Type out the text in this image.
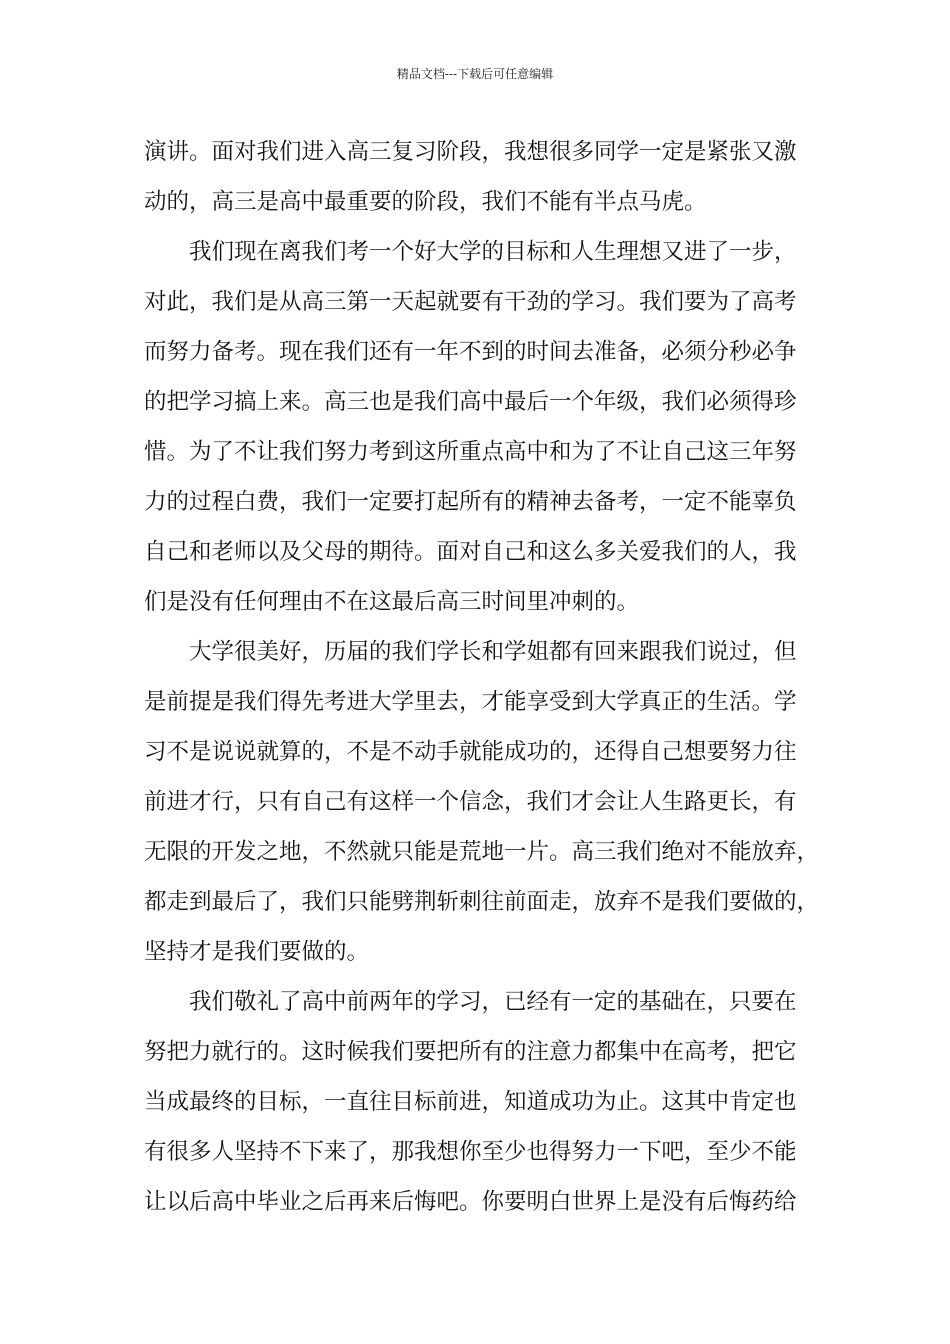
精品文档---下载后可任意编辑
演讲。面对我们进入高三复习阶段，我想很多同学一定是紧张又激
动的，高三是高中最重要的阶段，我们不能有半点马虎。
我们现在离我们考一个好大学的目标和人生理想又进了一步，
对此，我们是从高三第一天起就要有干劲的学习。我们要为了高考
而努力备考。现在我们还有一年不到的时间去准备，必须分秒必争
的把学习搞上来。高三也是我们高中最后一个年级，我们必须得珍
惜。为了不让我们努力考到这所重点高中和为了不让自己这三年努
力的过程白费，我们一定要打起所有的精神去备考，一定不能辜负
自己和老师以及父母的期待。面对自己和这么多关爱我们的人，我
们是没有任何理由不在这最后高三时间里冲刺的。
大学很美好，历届的我们学长和学姐都有回来跟我们说过，但
是前提是我们得先考进大学里去，才能享受到大学真正的生活。学
习不是说说就算的，不是不动手就能成功的，还得自己想要努力往
前进才行，只有自己有这样一个信念，我们才会让人生路更长，有
无限的开发之地，不然就只能是荒地一片。高三我们绝对不能放弃，
都走到最后了，我们只能劈荆斩刺往前面走，放弃不是我们要做的，
坚持才是我们要做的。
我们敬礼了高中前两年的学习，已经有一定的基础在，只要在
努把力就行的。这时候我们要把所有的注意力都集中在高考，把它
当成最终的目标，一直往目标前进，知道成功为止。这其中肯定也
有很多人坚持不下来了，那我想你至少也得努力一下吧，至少不能
让以后高中毕业之后再来后悔吧。你要明白世界上是没有后悔药给
